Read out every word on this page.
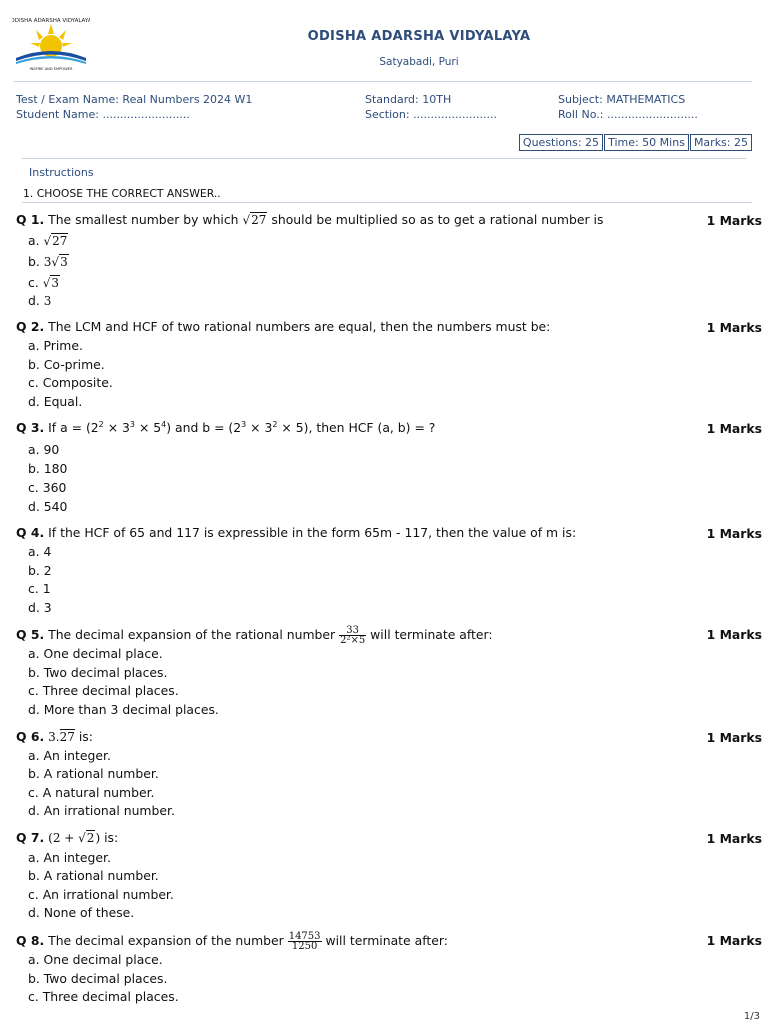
ODISHA ADARSHA VIDYALAYA
INSPIRE AND EMPOWER
ODISHA ADARSHA VIDYALAYA
Satyabadi, Puri
Test / Exam Name: Real Numbers 2024 W1
Student Name: .........................
Standard: 10TH
Section: ........................
Subject: MATHEMATICS
Roll No.: ..........................
Questions: 25 Time: 50 Mins Marks: 25
Instructions
1. CHOOSE THE CORRECT ANSWER..
Q 1. The smallest number by which √27 should be multiplied so as to get a rational number is	1 Marks
a. √27
b. 3√3
c. √3
d. 3
Q 2. The LCM and HCF of two rational numbers are equal, then the numbers must be:	1 Marks
a. Prime.
b. Co-prime.
c. Composite.
d. Equal.
Q 3. If $a = (2^2 \times 3^3 \times 5^4)$ and $b = (2^3 \times 3^2 \times 5)$, then HCF (a, b) = ?	1 Marks
a. 90
b. 180
c. 360
d. 540
Q 4. If the HCF of 65 and 117 is expressible in the form 65m - 117, then the value of m is:	1 Marks
a. 4
b. 2
c. 1
d. 3
Q 5. The decimal expansion of the rational number $\frac{33}{\text{2²×5}}$ will terminate after:	1 Marks
a. One decimal place.
b. Two decimal places.
c. Three decimal places.
d. More than 3 decimal places.
Q 6. 3.27 is:	1 Marks
a. An integer.
b. A rational number.
c. A natural number.
d. An irrational number.
Q 7. (2 + √2) is:	1 Marks
a. An integer.
b. A rational number.
c. An irrational number.
d. None of these.
Q 8. The decimal expansion of the number $\frac{14753}{1250}$ will terminate after:	1 Marks
a. One decimal place.
b. Two decimal places.
c. Three decimal places.
1/3
